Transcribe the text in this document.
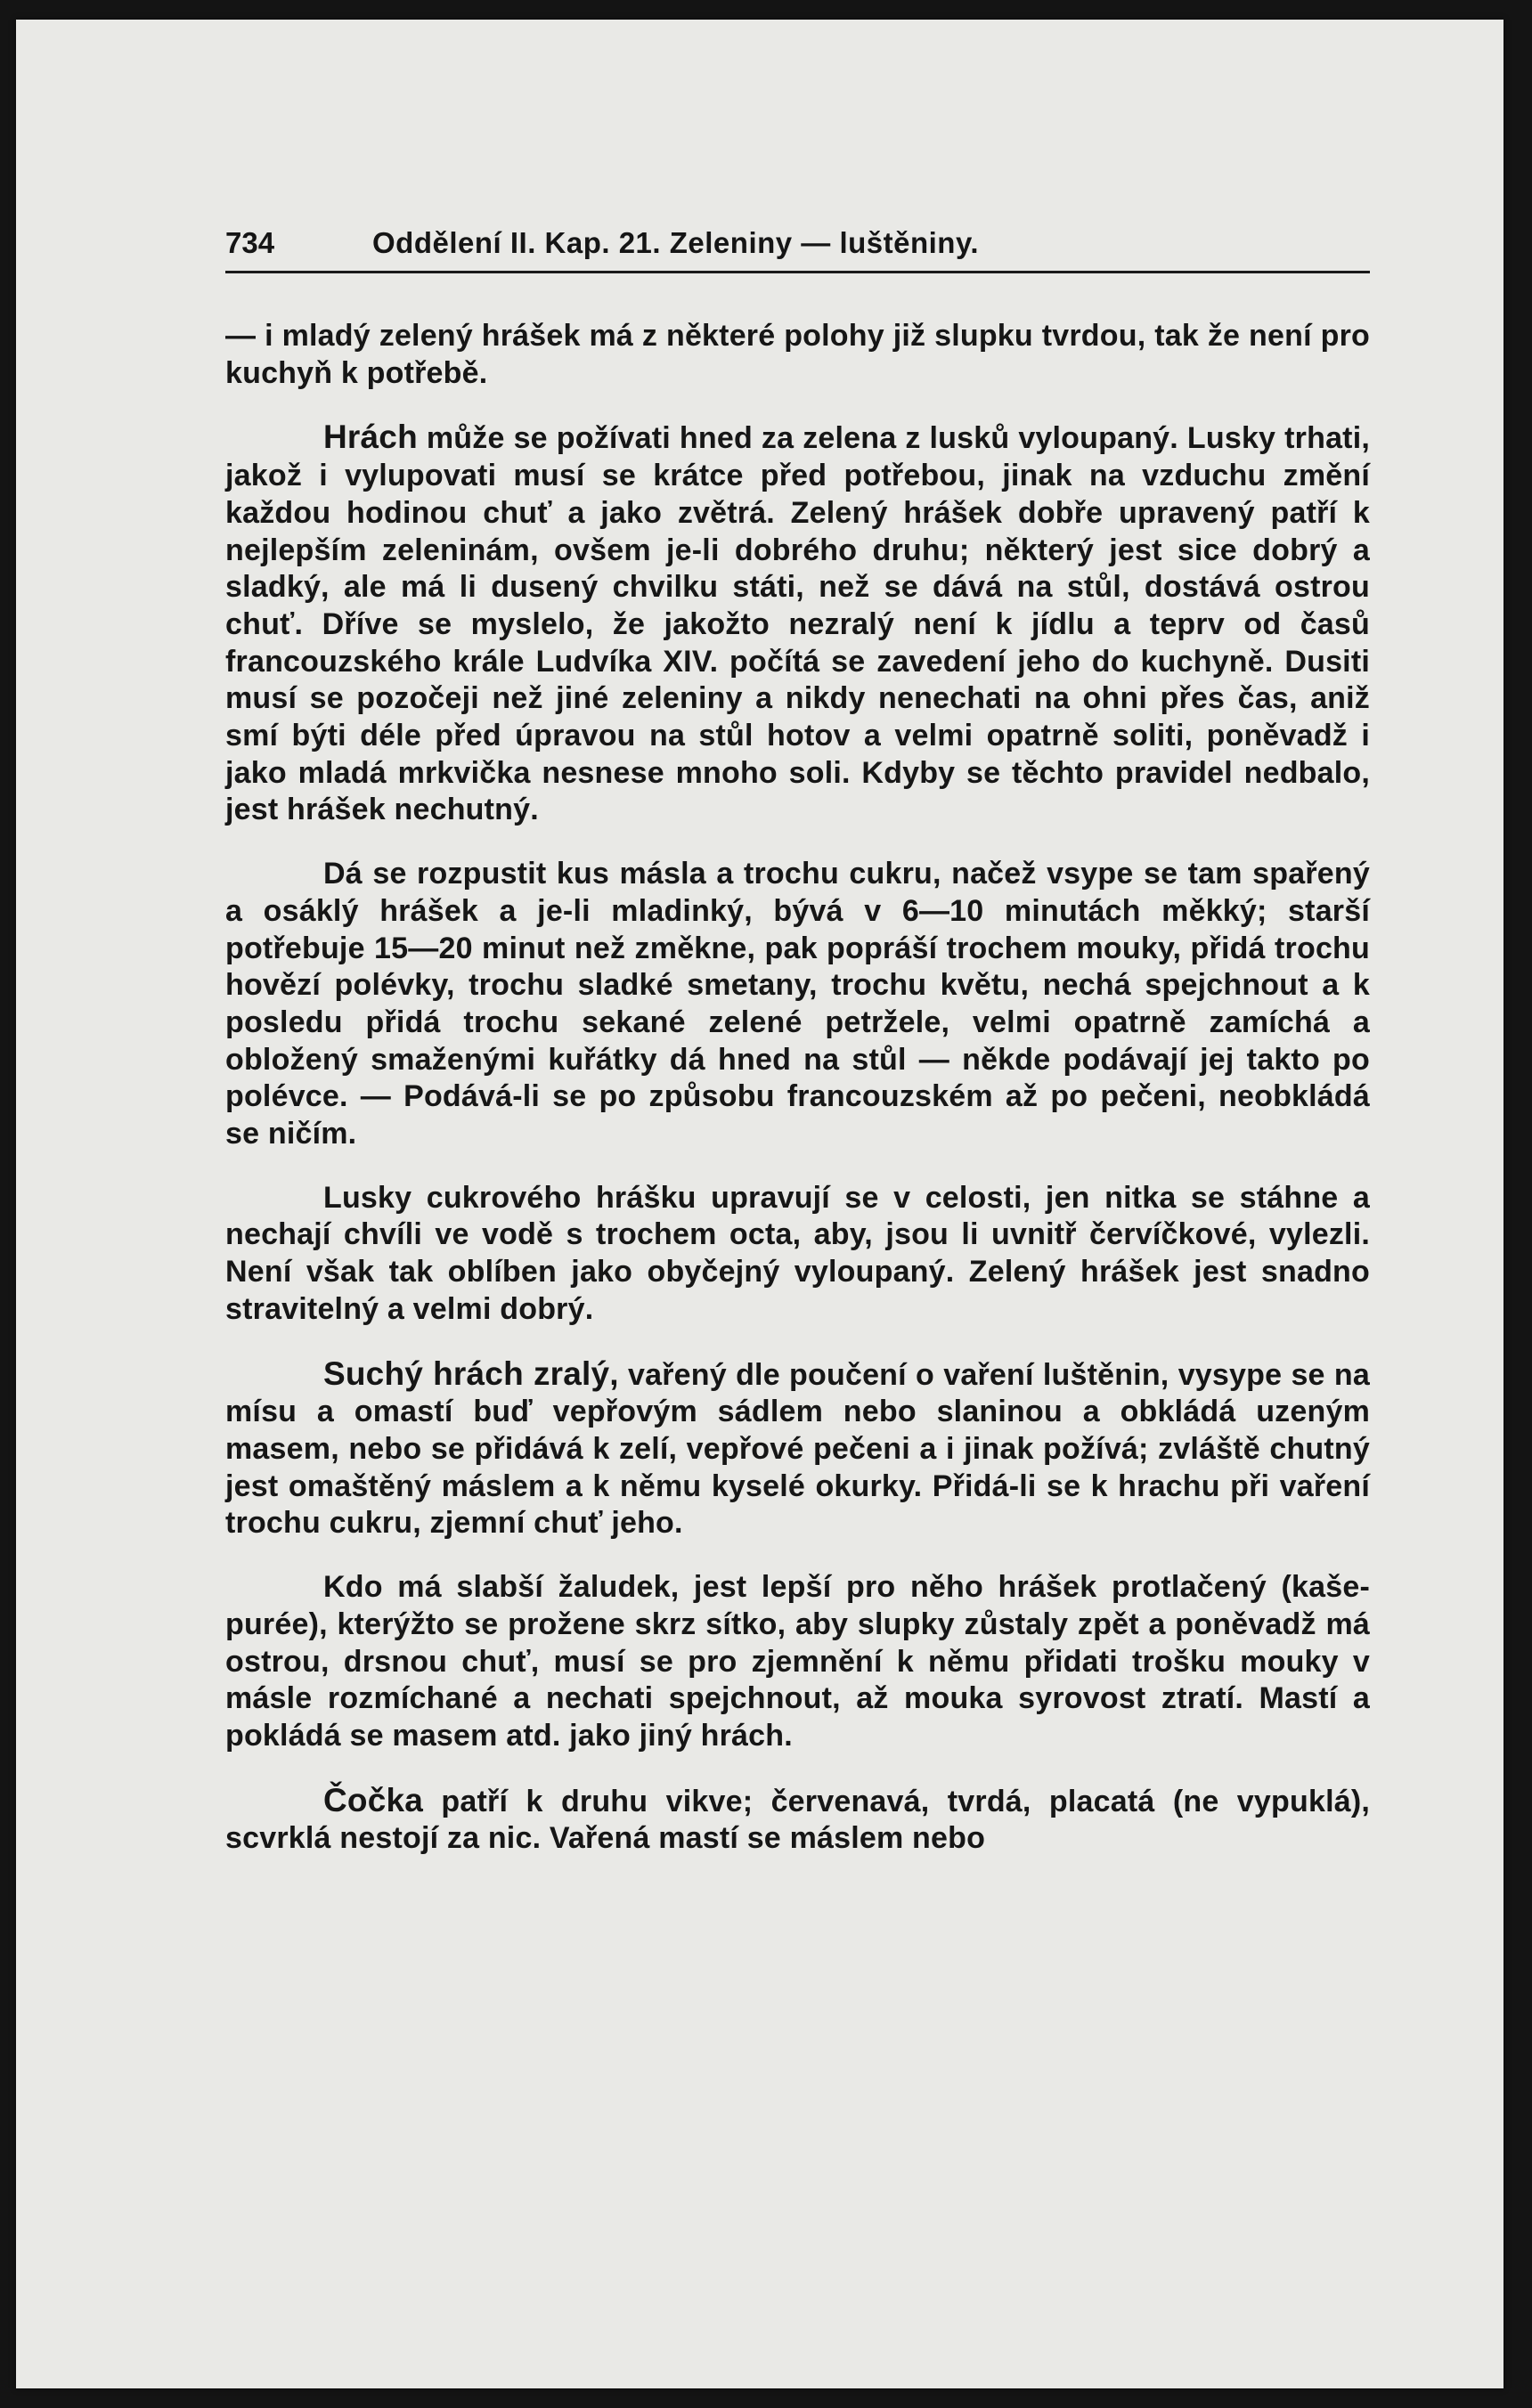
734	Oddělení II. Kap. 21. Zeleniny — luštěniny.

— i mladý zelený hrášek má z některé polohy již slupku tvrdou, tak že není pro kuchyň k potřebě.

Hrách může se požívati hned za zelena z lusků vyloupaný. Lusky trhati, jakož i vylupovati musí se krátce před potřebou, jinak na vzduchu změní každou hodinou chuť a jako zvětrá. Zelený hrášek dobře upravený patří k nejlepším zeleninám, ovšem je-li dobrého druhu; některý jest sice dobrý a sladký, ale má li dusený chvilku státi, než se dává na stůl, dostává ostrou chuť. Dříve se myslelo, že jakožto nezralý není k jídlu a teprv od časů francouzského krále Ludvíka XIV. počítá se zavedení jeho do kuchyně. Dusiti musí se pozočeji než jiné zeleniny a nikdy nenechati na ohni přes čas, aniž smí býti déle před úpravou na stůl hotov a velmi opatrně soliti, poněvadž i jako mladá mrkvička nesnese mnoho soli. Kdyby se těchto pravidel nedbalo, jest hrášek nechutný.

Dá se rozpustit kus másla a trochu cukru, načež vsype se tam spařený a osáklý hrášek a je-li mladinký, bývá v 6—10 minutách měkký; starší potřebuje 15—20 minut než změkne, pak popráší trochem mouky, přidá trochu hovězí polévky, trochu sladké smetany, trochu květu, nechá spejchnout a k posledu přidá trochu sekané zelené petržele, velmi opatrně zamíchá a obložený smaženými kuřátky dá hned na stůl — někde podávají jej takto po polévce. — Podává-li se po způsobu francouzském až po pečeni, neobkládá se ničím.

Lusky cukrového hrášku upravují se v celosti, jen nitka se stáhne a nechají chvíli ve vodě s trochem octa, aby, jsou li uvnitř červíčkové, vylezli. Není však tak oblíben jako obyčejný vyloupaný. Zelený hrášek jest snadno stravitelný a velmi dobrý.

Suchý hrách zralý, vařený dle poučení o vaření luštěnin, vysype se na mísu a omastí buď vepřovým sádlem nebo slaninou a obkládá uzeným masem, nebo se přidává k zelí, vepřové pečeni a i jinak požívá; zvláště chutný jest omaštěný máslem a k němu kyselé okurky. Přidá-li se k hrachu při vaření trochu cukru, zjemní chuť jeho.

Kdo má slabší žaludek, jest lepší pro něho hrášek protlačený (kaše-purée), kterýžto se prožene skrz sítko, aby slupky zůstaly zpět a poněvadž má ostrou, drsnou chuť, musí se pro zjemnění k němu přidati trošku mouky v másle rozmíchané a nechati spejchnout, až mouka syrovost ztratí. Mastí a pokládá se masem atd. jako jiný hrách.

Čočka patří k druhu vikve; červenavá, tvrdá, placatá (ne vypuklá), scvrklá nestojí za nic. Vařená mastí se máslem nebo
